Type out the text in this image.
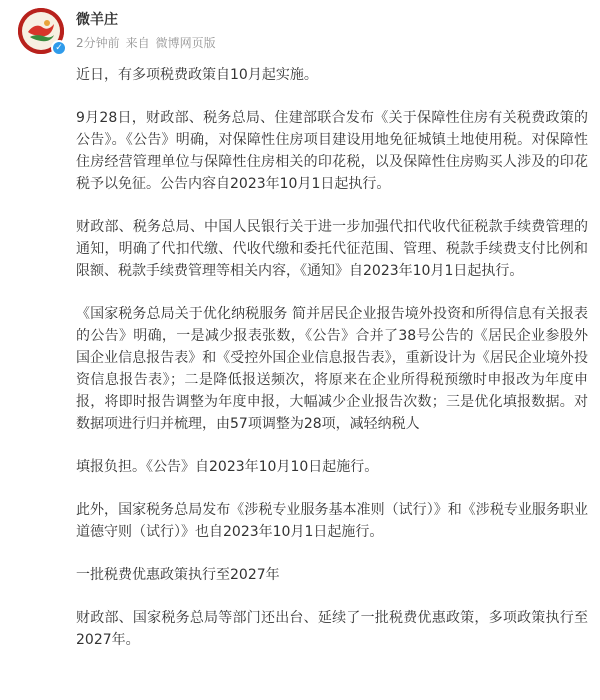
✓
微羊庄
2分钟前 来自 微博网页版

近日，有多项税费政策自10月起实施。

9月28日，财政部、税务总局、住建部联合发布《关于保障性住房有关税费政策的公告》。《公告》明确，对保障性住房项目建设用地免征城镇土地使用税。对保障性住房经营管理单位与保障性住房相关的印花税，以及保障性住房购买人涉及的印花税予以免征。公告内容自2023年10月1日起执行。

财政部、税务总局、中国人民银行关于进一步加强代扣代收代征税款手续费管理的通知，明确了代扣代缴、代收代缴和委托代征范围、管理、税款手续费支付比例和限额、税款手续费管理等相关内容，《通知》自2023年10月1日起执行。

《国家税务总局关于优化纳税服务 简并居民企业报告境外投资和所得信息有关报表的公告》明确，一是减少报表张数，《公告》合并了38号公告的《居民企业参股外国企业信息报告表》和《受控外国企业信息报告表》，重新设计为《居民企业境外投资信息报告表》；二是降低报送频次，将原来在企业所得税预缴时申报改为年度申报，将即时报告调整为年度申报，大幅减少企业报告次数；三是优化填报数据。对数据项进行归并梳理，由57项调整为28项，减轻纳税人

填报负担。《公告》自2023年10月10日起施行。

此外，国家税务总局发布《涉税专业服务基本准则（试行）》和《涉税专业服务职业道德守则（试行）》也自2023年10月1日起施行。

一批税费优惠政策执行至2027年

财政部、国家税务总局等部门还出台、延续了一批税费优惠政策，多项政策执行至2027年。
